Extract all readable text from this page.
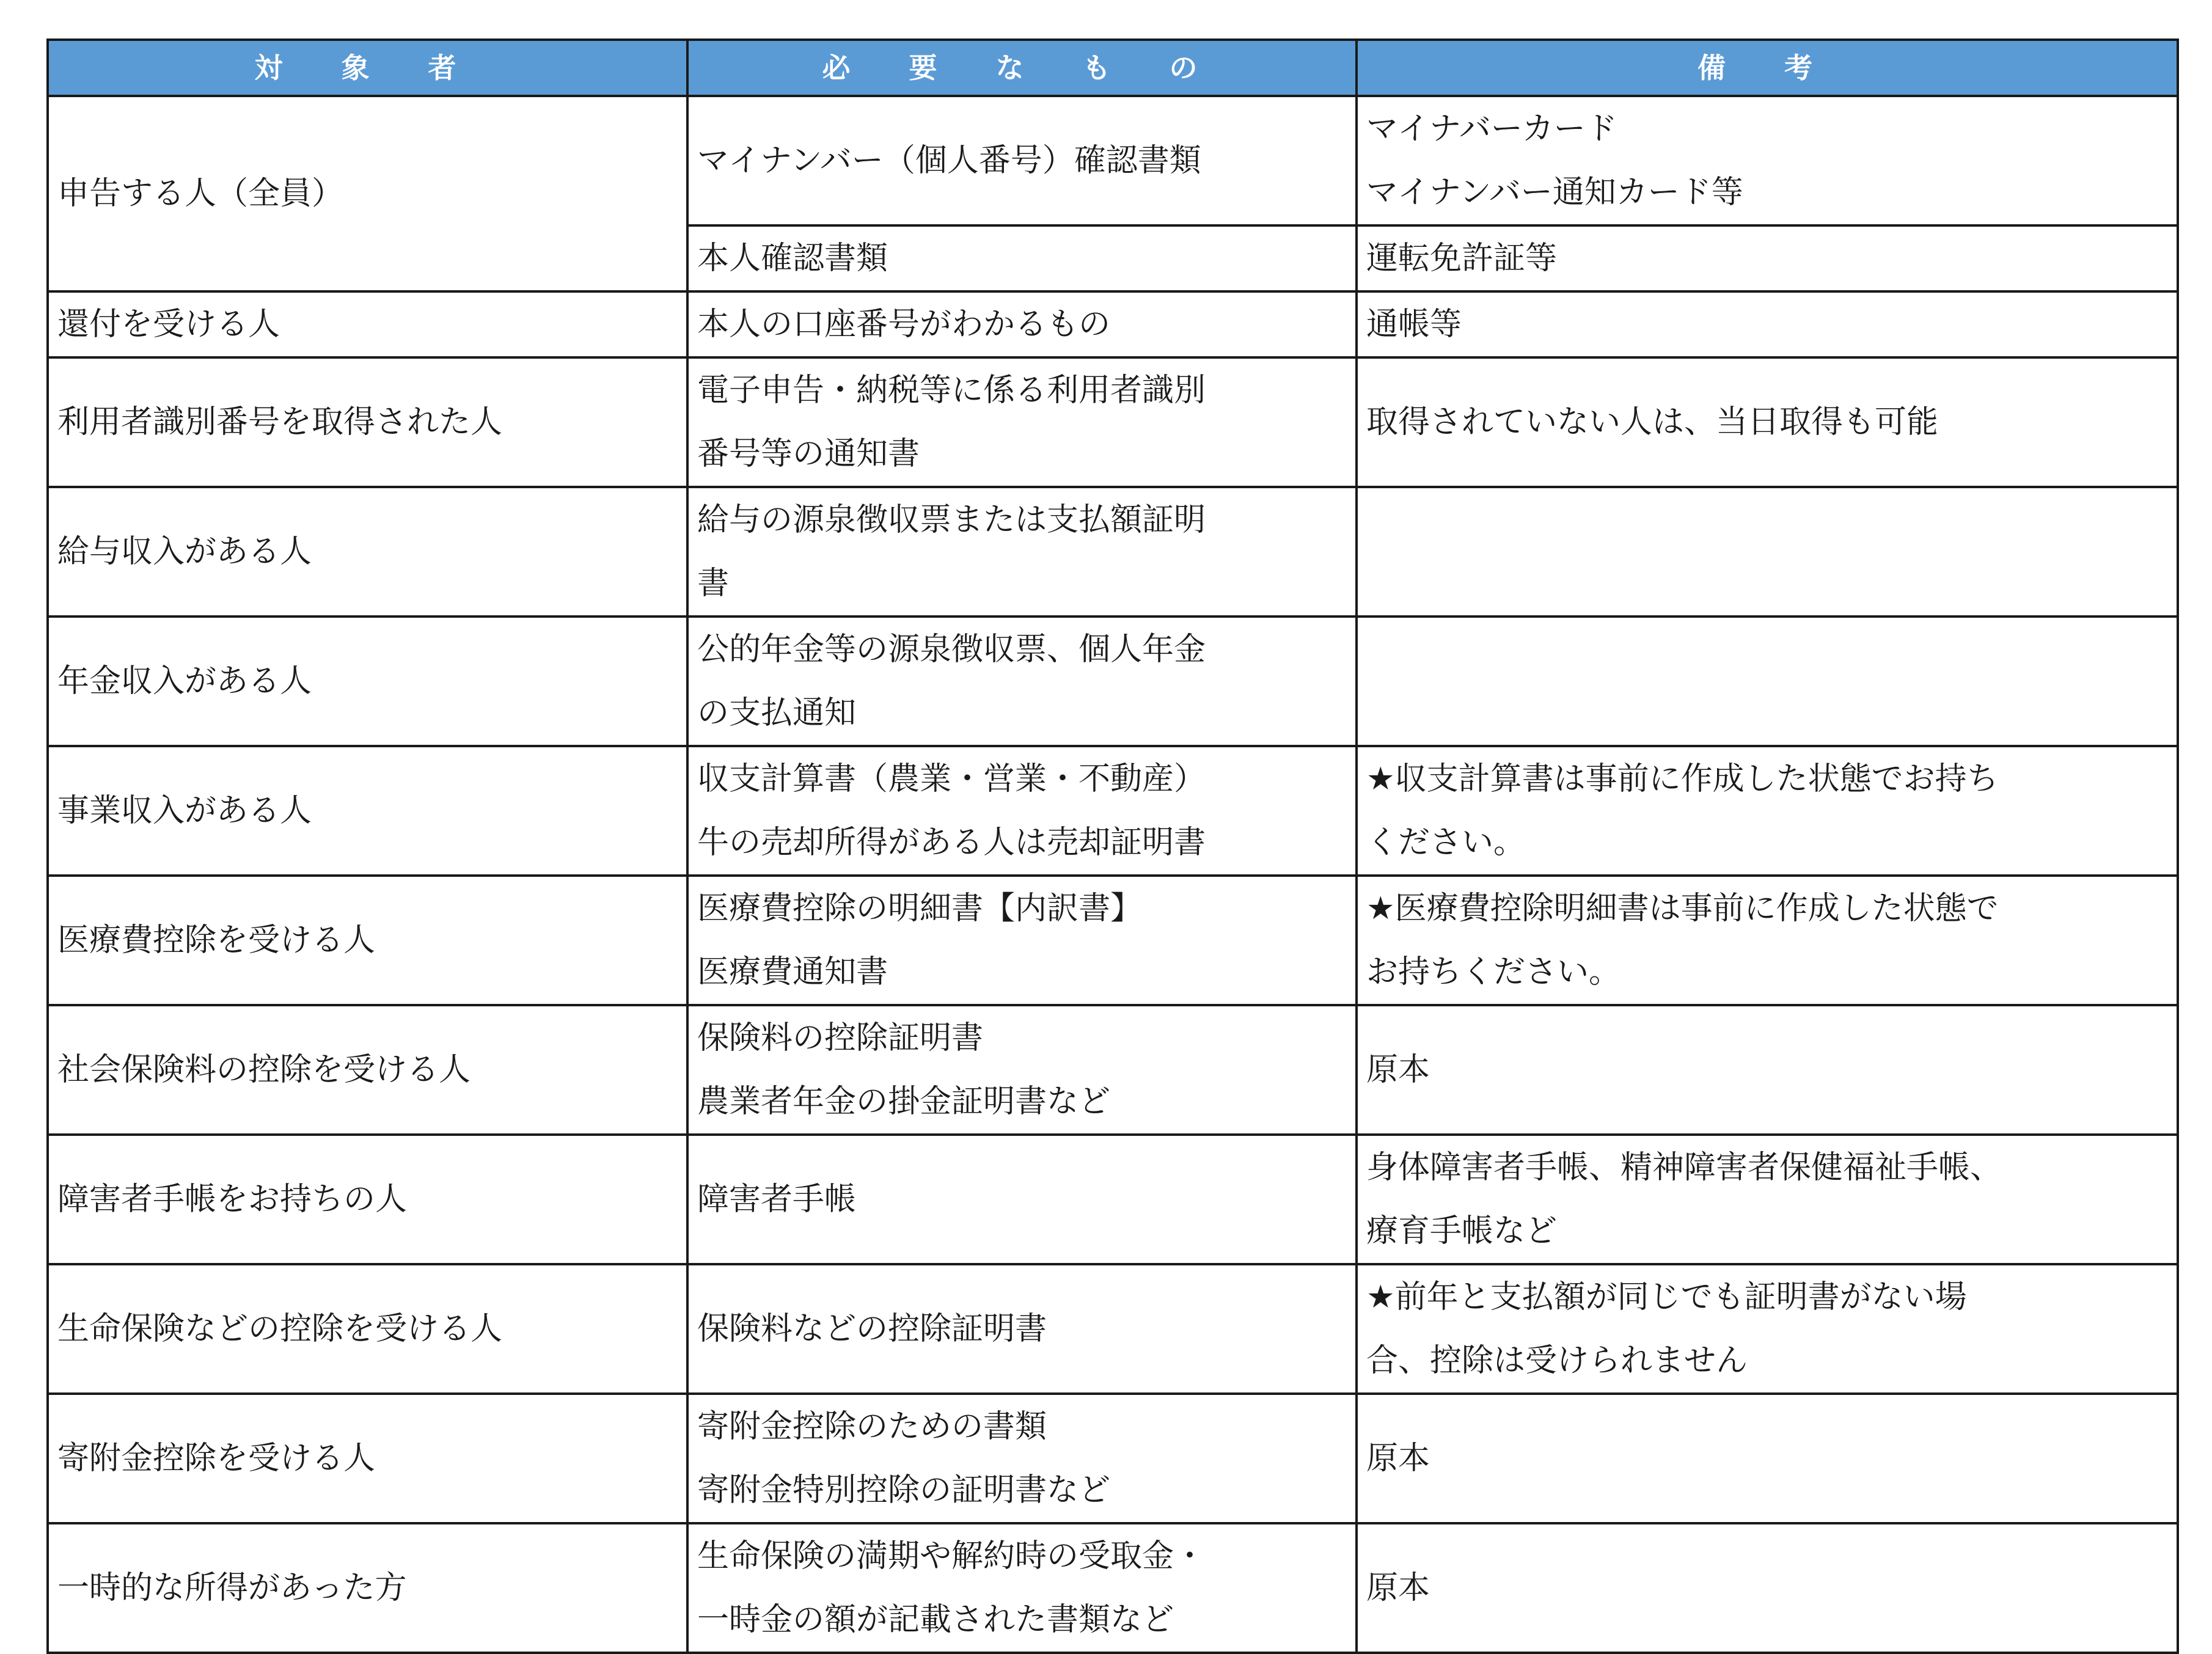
対 象 者	必 要 な も の	備 考

申告する人（全員）	マイナンバー（個人番号）確認書類	マイナバーカード
マイナンバー通知カード等

	本人確認書類	運転免許証等

還付を受ける人	本人の口座番号がわかるもの	通帳等

利用者識別番号を取得された人	電子申告・納税等に係る利用者識別
番号等の通知書	取得されていない人は、当日取得も可能

給与収入がある人	給与の源泉徴収票または支払額証明
書	

年金収入がある人	公的年金等の源泉徴収票、個人年金
の支払通知	

事業収入がある人	収支計算書（農業・営業・不動産）
牛の売却所得がある人は売却証明書	★収支計算書は事前に作成した状態でお持ち
ください。

医療費控除を受ける人	医療費控除の明細書【内訳書】
医療費通知書	★医療費控除明細書は事前に作成した状態で
お持ちください。

社会保険料の控除を受ける人	保険料の控除証明書
農業者年金の掛金証明書など	原本

障害者手帳をお持ちの人	障害者手帳	身体障害者手帳、精神障害者保健福祉手帳、
療育手帳など

生命保険などの控除を受ける人	保険料などの控除証明書	★前年と支払額が同じでも証明書がない場
合、控除は受けられません

寄附金控除を受ける人	寄附金控除のための書類
寄附金特別控除の証明書など	原本

一時的な所得があった方	生命保険の満期や解約時の受取金・
一時金の額が記載された書類など	原本
